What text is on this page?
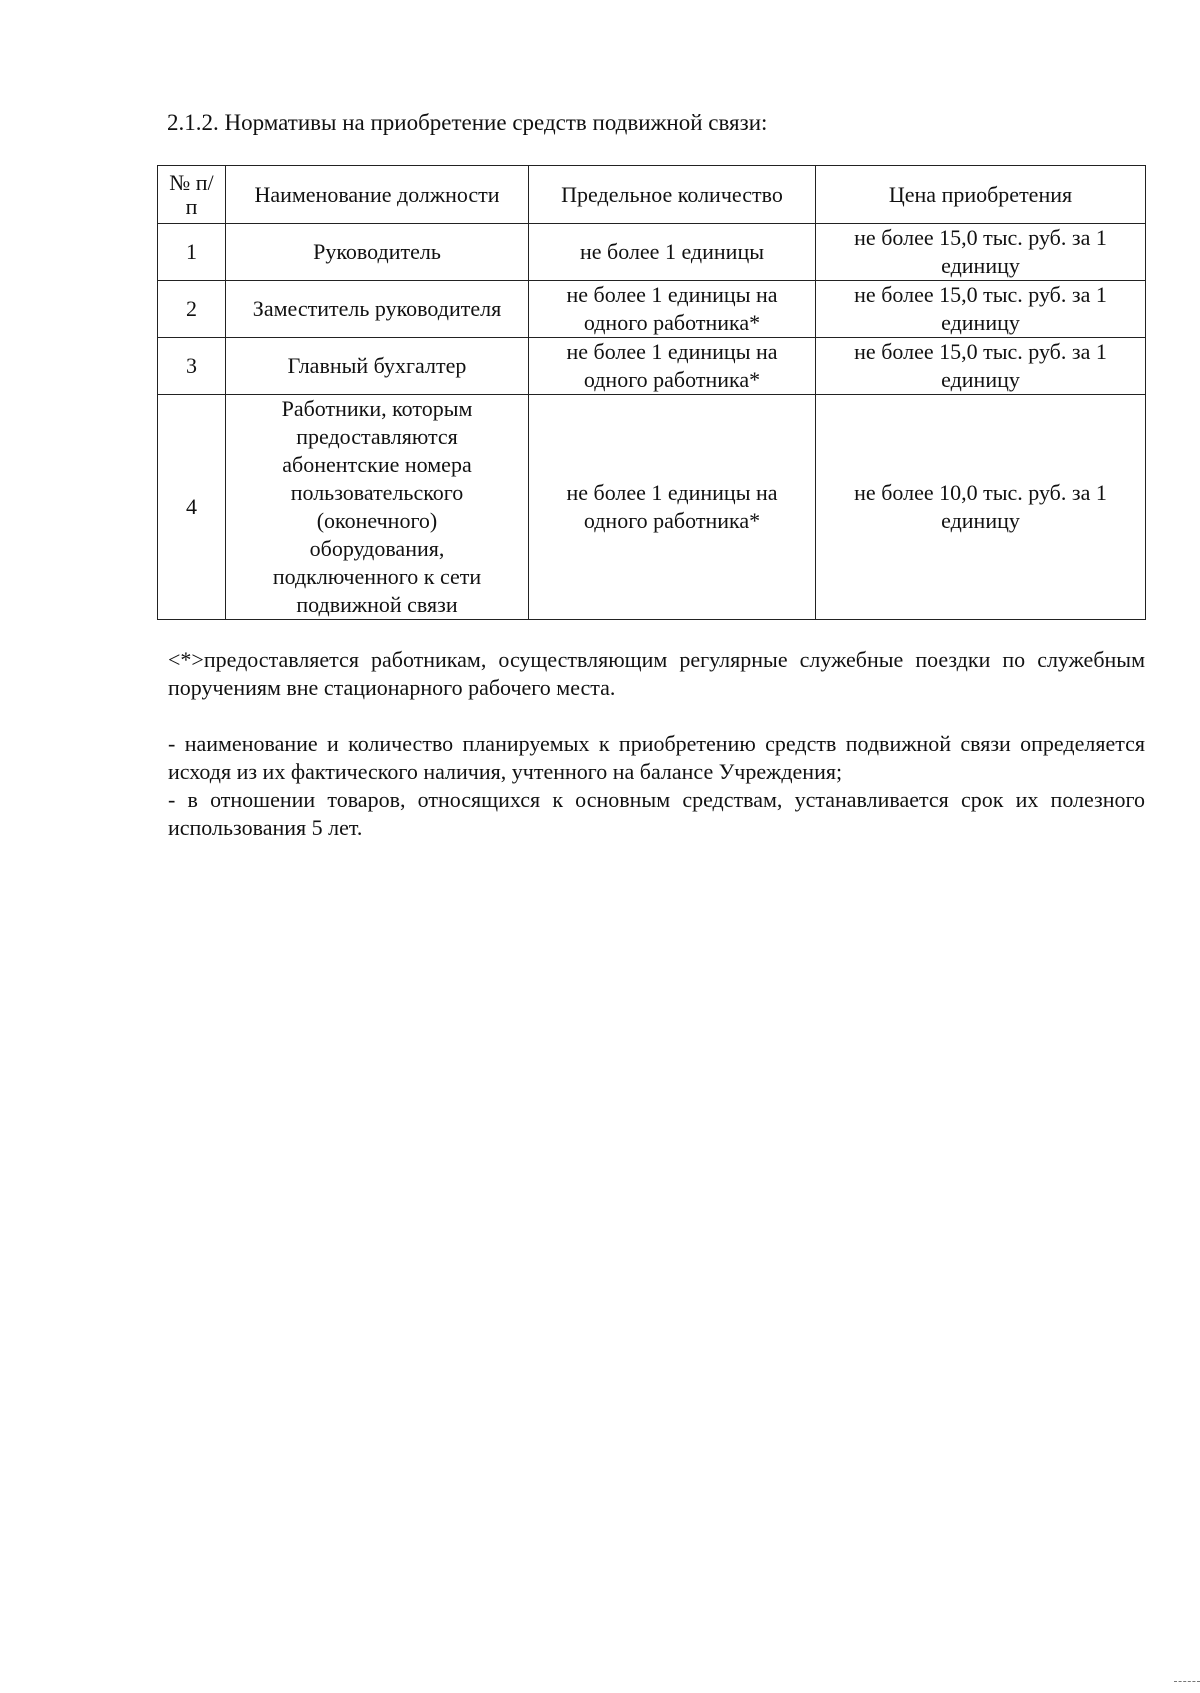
2.1.2. Нормативы на приобретение средств подвижной связи:
№ п/п	Наименование должности	Предельное количество	Цена приобретения
1	Руководитель	не более 1 единицы	не более 15,0 тыс. руб. за 1 единицу
2	Заместитель руководителя	не более 1 единицы на одного работника*	не более 15,0 тыс. руб. за 1 единицу
3	Главный бухгалтер	не более 1 единицы на одного работника*	не более 15,0 тыс. руб. за 1 единицу
4	Работники, которым предоставляются абонентские номера пользовательского (оконечного) оборудования, подключенного к сети подвижной связи	не более 1 единицы на одного работника*	не более 10,0 тыс. руб. за 1 единицу
<*>предоставляется работникам, осуществляющим регулярные служебные поездки по служебным поручениям вне стационарного рабочего места.
- наименование и количество планируемых к приобретению средств подвижной связи определяется исходя из их фактического наличия, учтенного на балансе Учреждения;
- в отношении товаров, относящихся к основным средствам, устанавливается срок их полезного использования 5 лет.
